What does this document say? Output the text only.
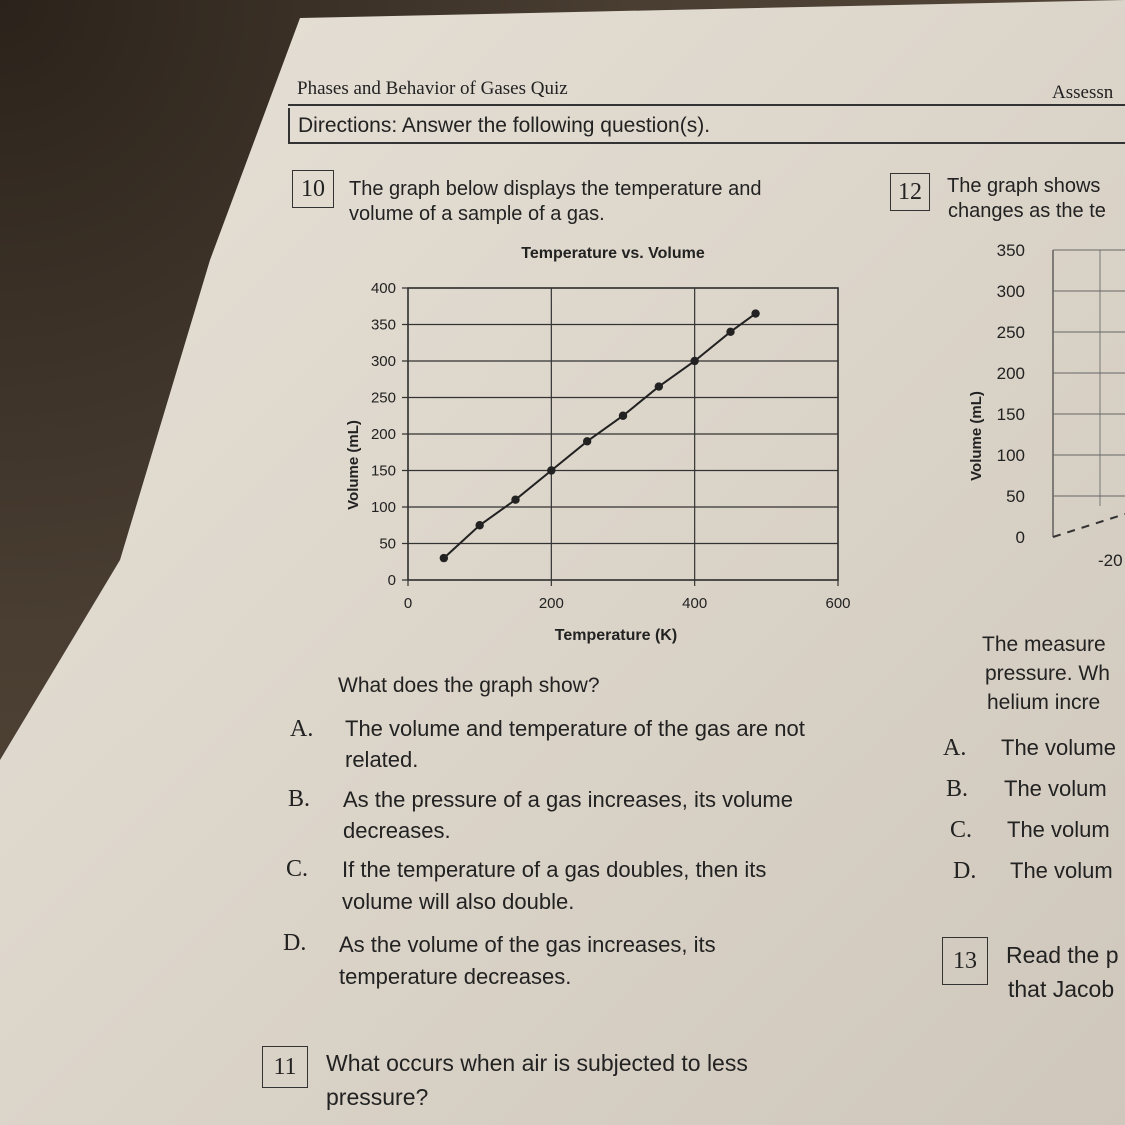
Phases and Behavior of Gases Quiz	Assessn
Directions: Answer the following question(s).
10	The graph below displays the temperature and
volume of a sample of a gas.
Temperature vs. Volume
0
50
100
150
200
250
300
350
400
0	200	400	600
Volume (mL)
Temperature (K)
What does the graph show?
A. The volume and temperature of the gas are not
related.
B. As the pressure of a gas increases, its volume
decreases.
C. If the temperature of a gas doubles, then its
volume will also double.
D. As the volume of the gas increases, its
temperature decreases.
11	What occurs when air is subjected to less
pressure?
12	The graph shows
changes as the te
0
50
100
150
200
250
300
350
Volume (mL)
-20
The measure
pressure. Wh
helium incre
A. The volume
B. The volum
C. The volum
D. The volum
13	Read the p
that Jacob
